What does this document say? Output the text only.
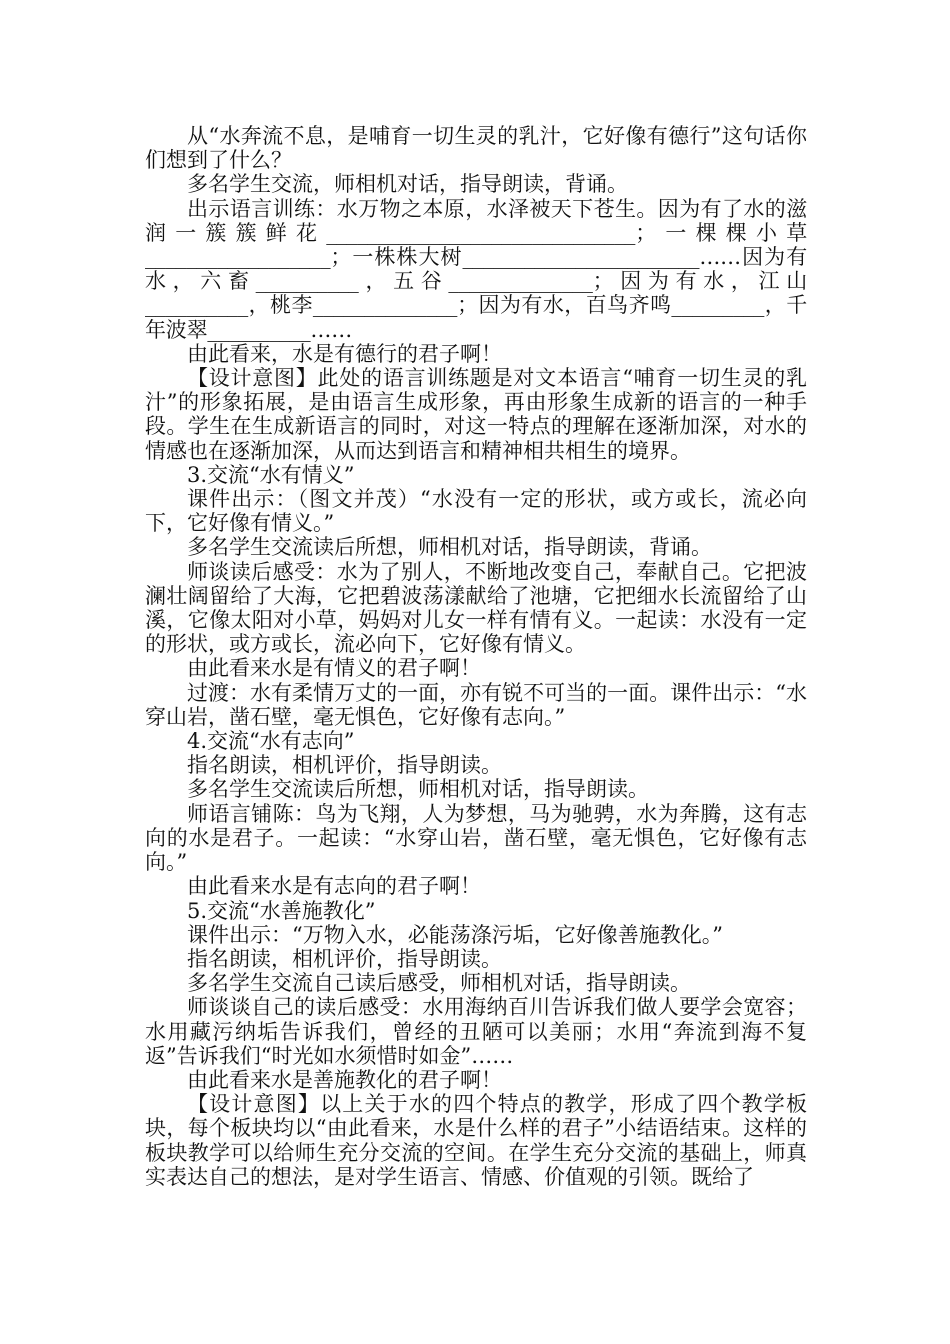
从“水奔流不息，是哺育一切生灵的乳汁，它好像有德行”这句话你们想到了什么？

多名学生交流，师相机对话，指导朗读，背诵。

出示语言训练：水万物之本原，水泽被天下苍生。因为有了水的滋润一簇簇鲜花______________________________；一棵棵小草__________________；一株株大树_______________________……因为有水，六畜__________，五谷______________；因为有水，江山__________，桃李______________；因为有水，百鸟齐鸣_________，千年波翠__________……

由此看来，水是有德行的君子啊！

【设计意图】此处的语言训练题是对文本语言“哺育一切生灵的乳汁”的形象拓展，是由语言生成形象，再由形象生成新的语言的一种手段。学生在生成新语言的同时，对这一特点的理解在逐渐加深，对水的情感也在逐渐加深，从而达到语言和精神相共相生的境界。

3.交流“水有情义”

课件出示：（图文并茂）“水没有一定的形状，或方或长，流必向下，它好像有情义。”

多名学生交流读后所想，师相机对话，指导朗读，背诵。

师谈读后感受：水为了别人，不断地改变自己，奉献自己。它把波澜壮阔留给了大海，它把碧波荡漾献给了池塘，它把细水长流留给了山溪，它像太阳对小草，妈妈对儿女一样有情有义。一起读：水没有一定的形状，或方或长，流必向下，它好像有情义。

由此看来水是有情义的君子啊！

过渡：水有柔情万丈的一面，亦有锐不可当的一面。课件出示：“水穿山岩，凿石壁，毫无惧色，它好像有志向。”

4.交流“水有志向”

指名朗读，相机评价，指导朗读。

多名学生交流读后所想，师相机对话，指导朗读。

师语言铺陈：鸟为飞翔，人为梦想，马为驰骋，水为奔腾，这有志向的水是君子。一起读：“水穿山岩，凿石壁，毫无惧色，它好像有志向。”

由此看来水是有志向的君子啊！

5.交流“水善施教化”

课件出示：“万物入水，必能荡涤污垢，它好像善施教化。”

指名朗读，相机评价，指导朗读。

多名学生交流自己读后感受，师相机对话，指导朗读。

师谈谈自己的读后感受：水用海纳百川告诉我们做人要学会宽容；水用藏污纳垢告诉我们，曾经的丑陋可以美丽；水用“奔流到海不复返”告诉我们“时光如水须惜时如金”……

由此看来水是善施教化的君子啊！

【设计意图】以上关于水的四个特点的教学，形成了四个教学板块，每个板块均以“由此看来，水是什么样的君子”小结语结束。这样的板块教学可以给师生充分交流的空间。在学生充分交流的基础上，师真实表达自己的想法，是对学生语言、情感、价值观的引领。既给了
